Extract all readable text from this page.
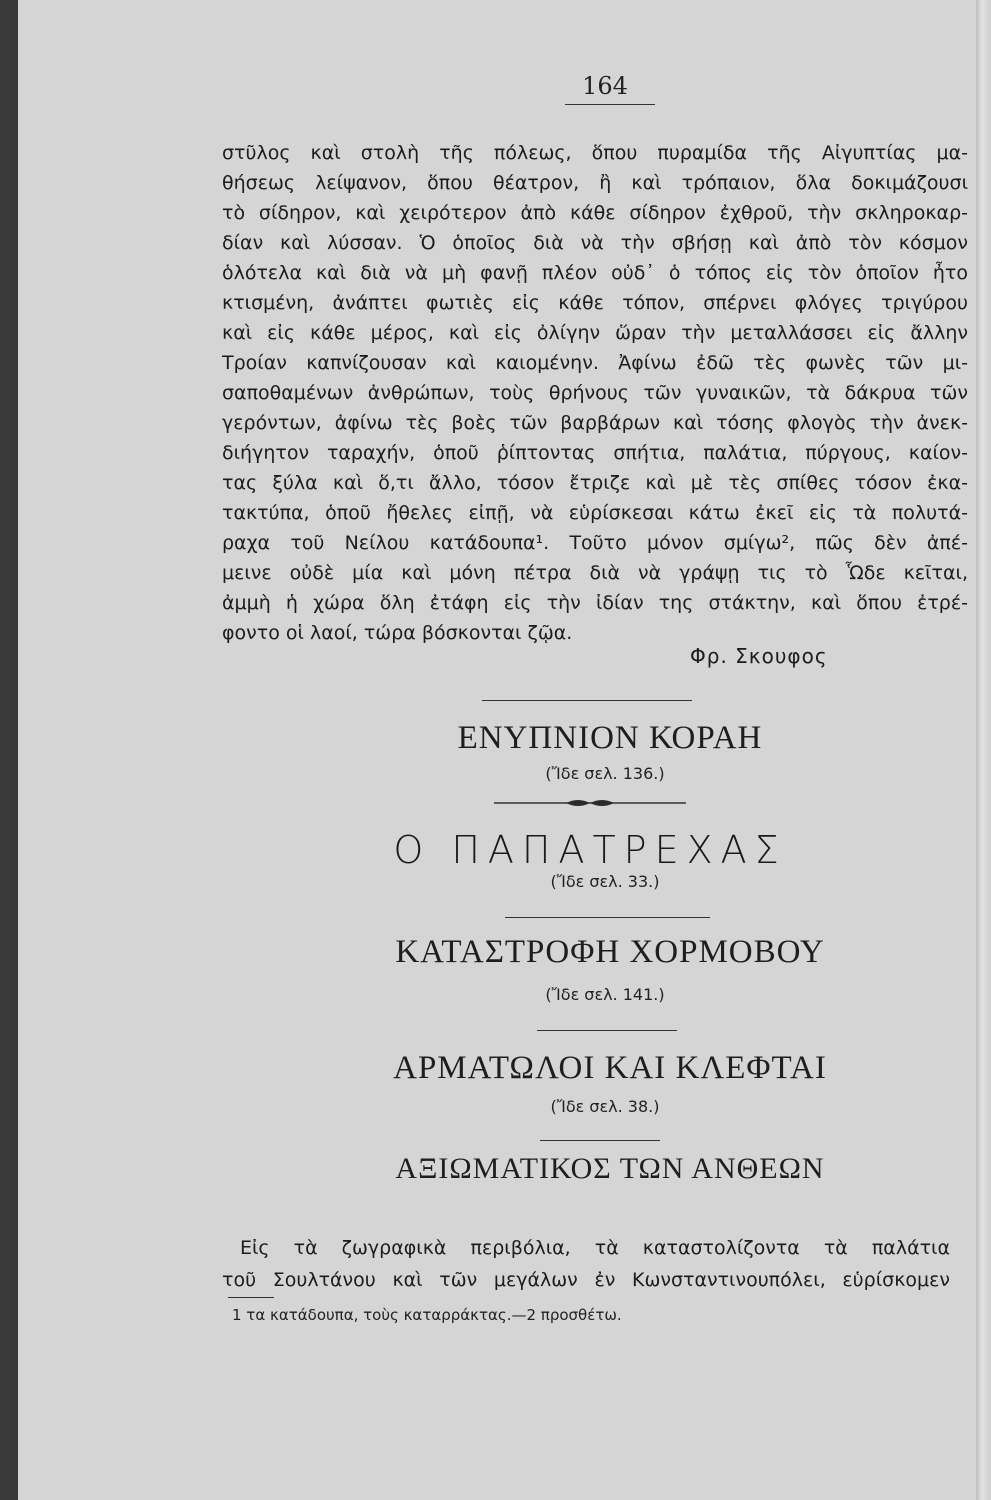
164
στῦλος καὶ στολὴ τῆς πόλεως, ὅπου πυραμίδα τῆς Αἰγυπτίας μα-
θήσεως λείψανον, ὅπου θέατρον, ἢ καὶ τρόπαιον, ὅλα δοκιμάζουσι
τὸ σίδηρον, καὶ χειρότερον ἀπὸ κάθε σίδηρον ἐχθροῦ, τὴν σκληροκαρ-
δίαν καὶ λύσσαν. Ὁ ὁποῖος διὰ νὰ τὴν σβήσῃ καὶ ἀπὸ τὸν κόσμον
ὁλότελα καὶ διὰ νὰ μὴ φανῇ πλέον οὐδ᾿ ὁ τόπος εἰς τὸν ὁποῖον ἦτο
κτισμένη, ἀνάπτει φωτιὲς εἰς κάθε τόπον, σπέρνει φλόγες τριγύρου
καὶ εἰς κάθε μέρος, καὶ εἰς ὀλίγην ὥραν τὴν μεταλλάσσει εἰς ἄλλην
Τροίαν καπνίζουσαν καὶ καιομένην. Ἀφίνω ἐδῶ τὲς φωνὲς τῶν μι-
σαποθαμένων ἀνθρώπων, τοὺς θρήνους τῶν γυναικῶν, τὰ δάκρυα τῶν
γερόντων, ἀφίνω τὲς βοὲς τῶν βαρβάρων καὶ τόσης φλογὸς τὴν ἀνεκ-
διήγητον ταραχήν, ὁποῦ ῥίπτοντας σπήτια, παλάτια, πύργους, καίον-
τας ξύλα καὶ ὅ,τι ἄλλο, τόσον ἔτριζε καὶ μὲ τὲς σπίθες τόσον ἐκα-
τακτύπα, ὁποῦ ἤθελες εἰπῇ, νὰ εὑρίσκεσαι κάτω ἐκεῖ εἰς τὰ πολυτά-
ραχα τοῦ Νείλου κατάδουπα¹. Τοῦτο μόνον σμίγω², πῶς δὲν ἀπέ-
μεινε οὐδὲ μία καὶ μόνη πέτρα διὰ νὰ γράψῃ τις τὸ Ὧδε κεῖται,
ἀμμὴ ἡ χώρα ὅλη ἐτάφη εἰς τὴν ἰδίαν της στάκτην, καὶ ὅπου ἐτρέ-
φοντο οἱ λαοί, τώρα βόσκονται ζῷα.
Φρ. Σκουφος
ΕΝΥΠΝΙΟΝ ΚΟΡΑΗ
(Ἴδε σελ. 136.)
Ο ΠΑΠΑΤΡΕΧΑΣ
(Ἴδε σελ. 33.)
ΚΑΤΑΣΤΡΟΦΗ ΧΟΡΜΟΒΟΥ
(Ἴδε σελ. 141.)
ΑΡΜΑΤΩΛΟΙ ΚΑΙ ΚΛΕΦΤΑΙ
(Ἴδε σελ. 38.)
ΑΞΙΩΜΑΤΙΚΟΣ ΤΩΝ ΑΝΘΕΩΝ
Εἰς τὰ ζωγραφικὰ περιβόλια, τὰ καταστολίζοντα τὰ παλάτια
τοῦ Σουλτάνου καὶ τῶν μεγάλων ἐν Κωνσταντινουπόλει, εὑρίσκομεν
1 τα κατάδουπα, τοὺς καταρράκτας.—2 προσθέτω.
